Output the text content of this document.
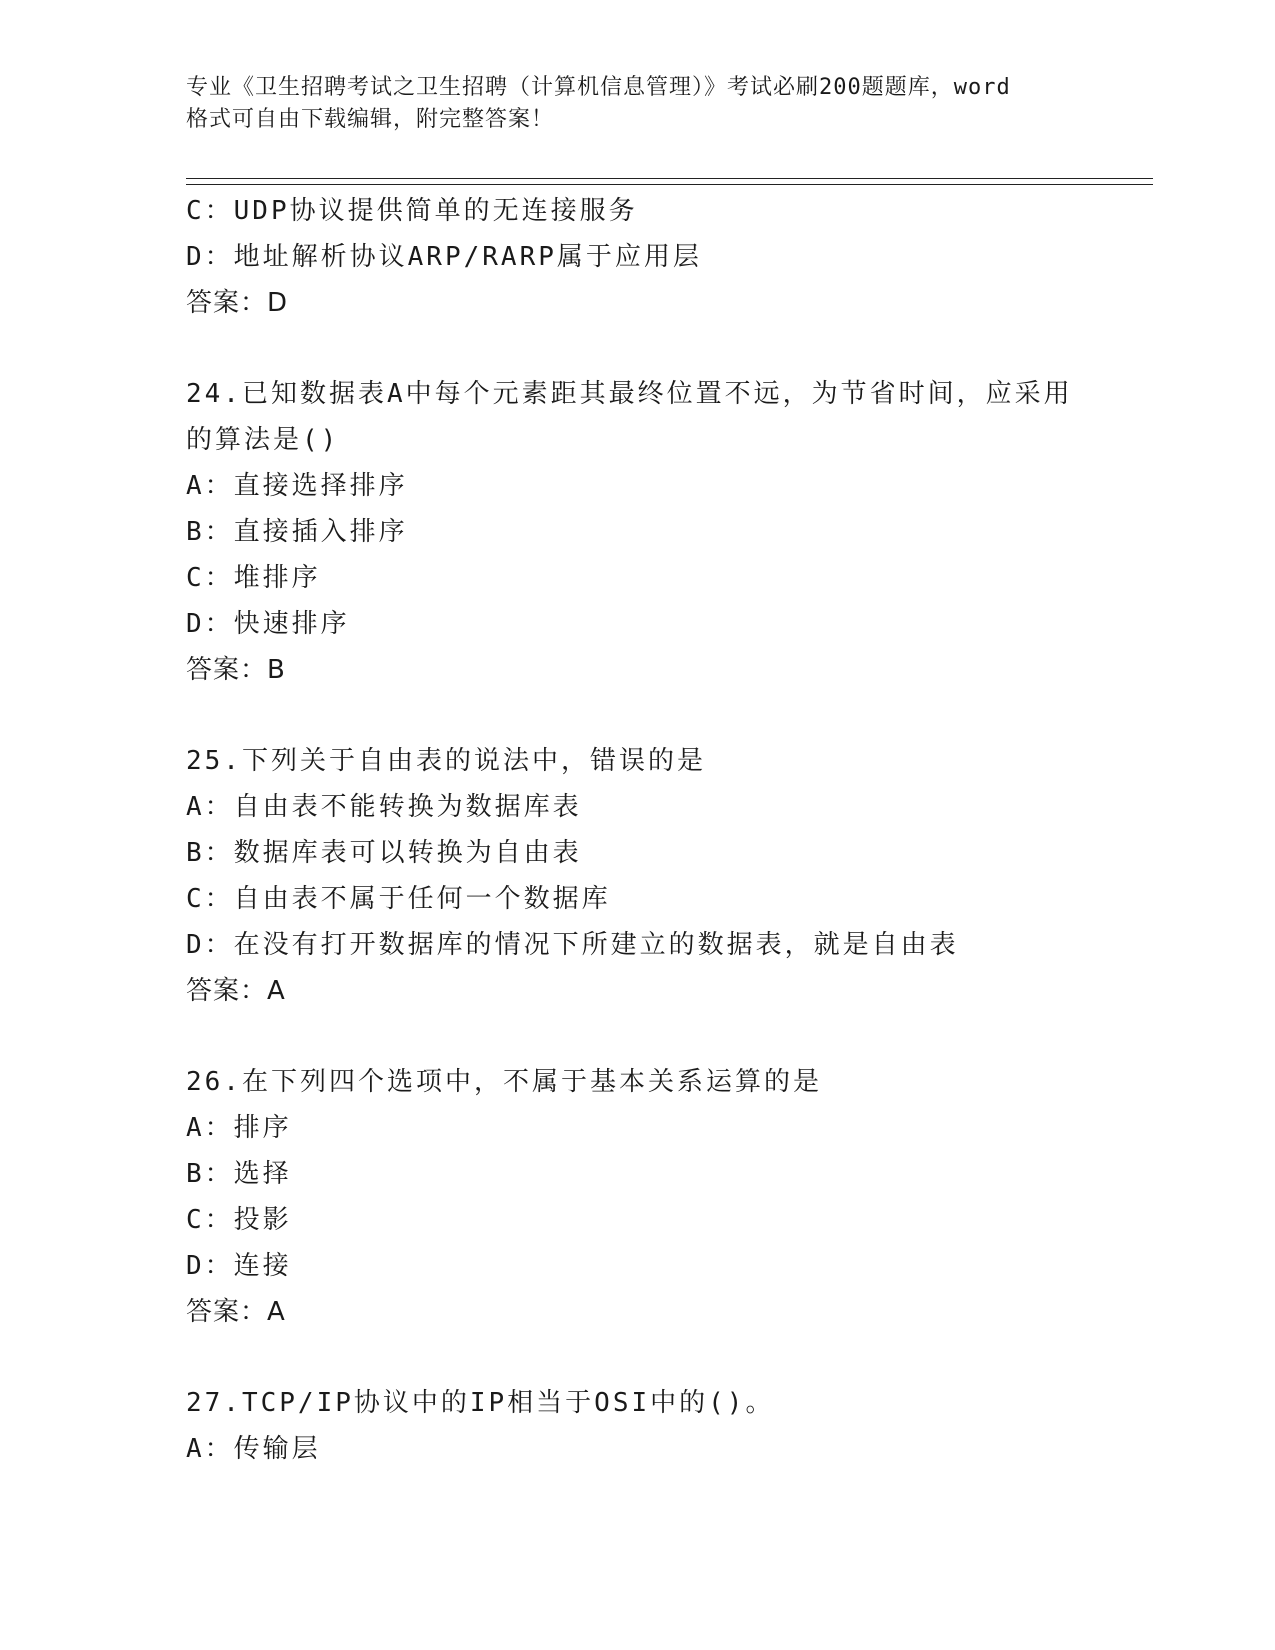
专业《卫生招聘考试之卫生招聘（计算机信息管理）》考试必刷200题题库，word
格式可自由下载编辑，附完整答案！
C：UDP协议提供简单的无连接服务
D：地址解析协议ARP/RARP属于应用层
答案：D
24.已知数据表A中每个元素距其最终位置不远，为节省时间，应采用
的算法是()
A：直接选择排序
B：直接插入排序
C：堆排序
D：快速排序
答案：B
25.下列关于自由表的说法中，错误的是
A：自由表不能转换为数据库表
B：数据库表可以转换为自由表
C：自由表不属于任何一个数据库
D：在没有打开数据库的情况下所建立的数据表，就是自由表
答案：A
26.在下列四个选项中，不属于基本关系运算的是
A：排序
B：选择
C：投影
D：连接
答案：A
27.TCP/IP协议中的IP相当于OSI中的()。
A：传输层
